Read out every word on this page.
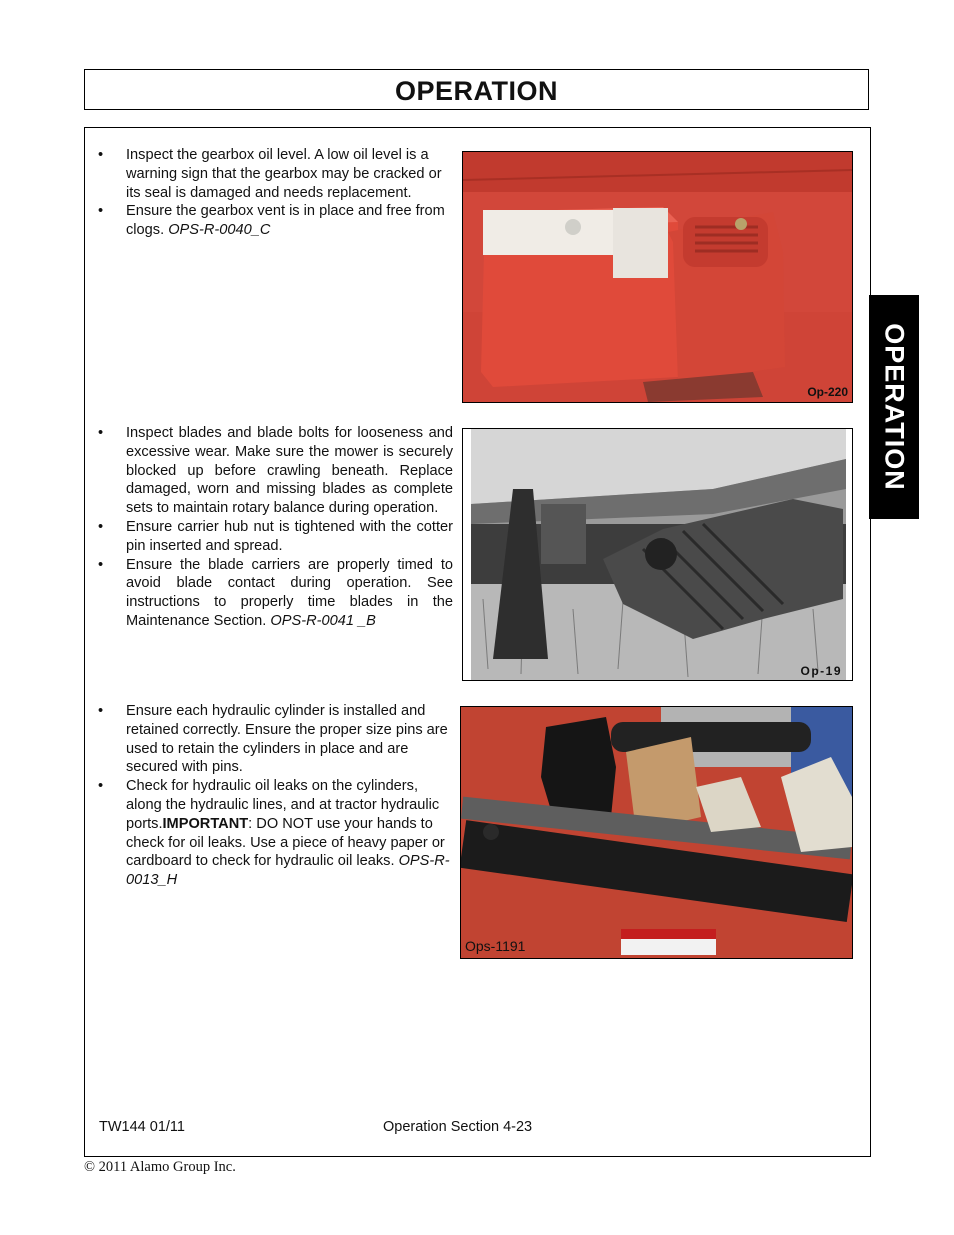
OPERATION
OPERATION
• Inspect the gearbox oil level. A low oil level is a warning sign that the gearbox may be cracked or its seal is damaged and needs replacement.
• Ensure the gearbox vent is in place and free from clogs. OPS-R-0040_C
Op-220
• Inspect blades and blade bolts for looseness and excessive wear. Make sure the mower is securely blocked up before crawling beneath. Replace damaged, worn and missing blades as complete sets to maintain rotary balance during operation.
• Ensure carrier hub nut is tightened with the cotter pin inserted and spread.
• Ensure the blade carriers are properly timed to avoid blade contact during operation. See instructions to properly time blades in the Maintenance Section. OPS-R-0041 _B
Op-19
• Ensure each hydraulic cylinder is installed and retained correctly. Ensure the proper size pins are used to retain the cylinders in place and are secured with pins.
• Check for hydraulic oil leaks on the cylinders, along the hydraulic lines, and at tractor hydraulic ports.IMPORTANT: DO NOT use your hands to check for oil leaks. Use a piece of heavy paper or cardboard to check for hydraulic oil leaks. OPS-R-0013_H
Ops-1191
TW144 01/11	Operation Section 4-23
© 2011 Alamo Group Inc.
